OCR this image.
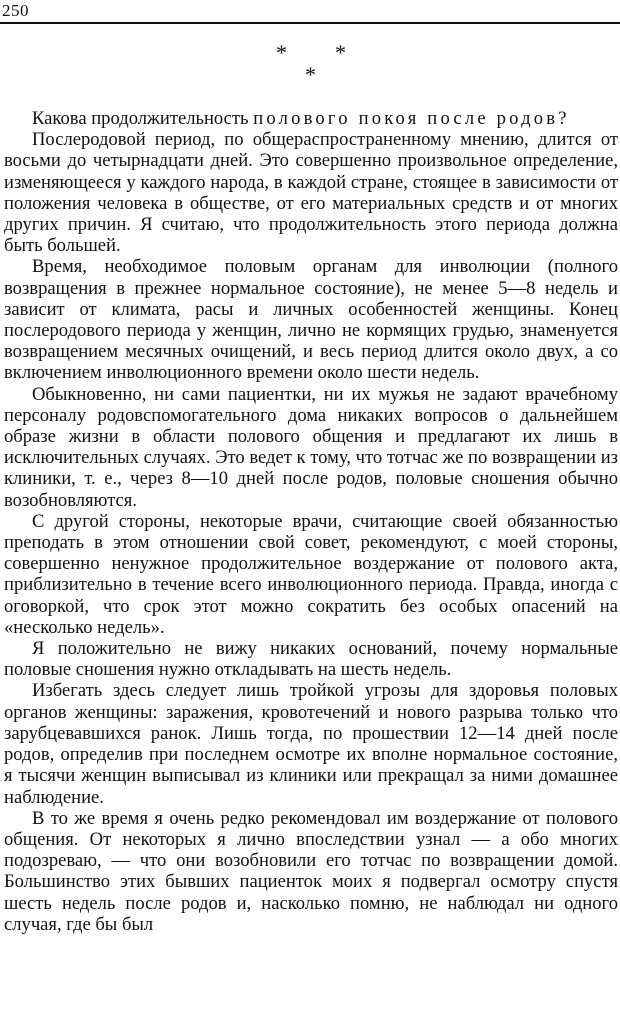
250
* *
*

Какова продолжительность полового покоя после родов?

Послеродовой период, по общераспространенному мнению, длится от восьми до четырнадцати дней. Это совершенно произвольное определение, изменяющееся у каждого народа, в каждой стране, стоящее в зависимости от положения человека в обществе, от его материальных средств и от многих других причин. Я считаю, что продолжительность этого периода должна быть большей.

Время, необходимое половым органам для инволюции (полного возвращения в прежнее нормальное состояние), не менее 5—8 недель и зависит от климата, расы и личных особенностей женщины. Конец послеродового периода у женщин, лично не кормящих грудью, знаменуется возвращением месячных очищений, и весь период длится около двух, а со включением инволюционного времени около шести недель.

Обыкновенно, ни сами пациентки, ни их мужья не задают врачебному персоналу родовспомогательного дома никаких вопросов о дальнейшем образе жизни в области полового общения и предлагают их лишь в исключительных случаях. Это ведет к тому, что тотчас же по возвращении из клиники, т. е., через 8—10 дней после родов, половые сношения обычно возобновляются.

С другой стороны, некоторые врачи, считающие своей обязанностью преподать в этом отношении свой совет, рекомендуют, с моей стороны, совершенно ненужное продолжительное воздержание от полового акта, приблизительно в течение всего инволюционного периода. Правда, иногда с оговоркой, что срок этот можно сократить без особых опасений на «несколько недель».

Я положительно не вижу никаких оснований, почему нормальные половые сношения нужно откладывать на шесть недель.

Избегать здесь следует лишь тройкой угрозы для здоровья половых органов женщины: заражения, кровотечений и нового разрыва только что зарубцевавшихся ранок. Лишь тогда, по прошествии 12—14 дней после родов, определив при последнем осмотре их вполне нормальное состояние, я тысячи женщин выписывал из клиники или прекращал за ними домашнее наблюдение.

В то же время я очень редко рекомендовал им воздержание от полового общения. От некоторых я лично впоследствии узнал — а обо многих подозреваю, — что они возобновили его тотчас по возвращении домой. Большинство этих бывших пациенток моих я подвергал осмотру спустя шесть недель после родов и, насколько помню, не наблюдал ни одного случая, где бы был
